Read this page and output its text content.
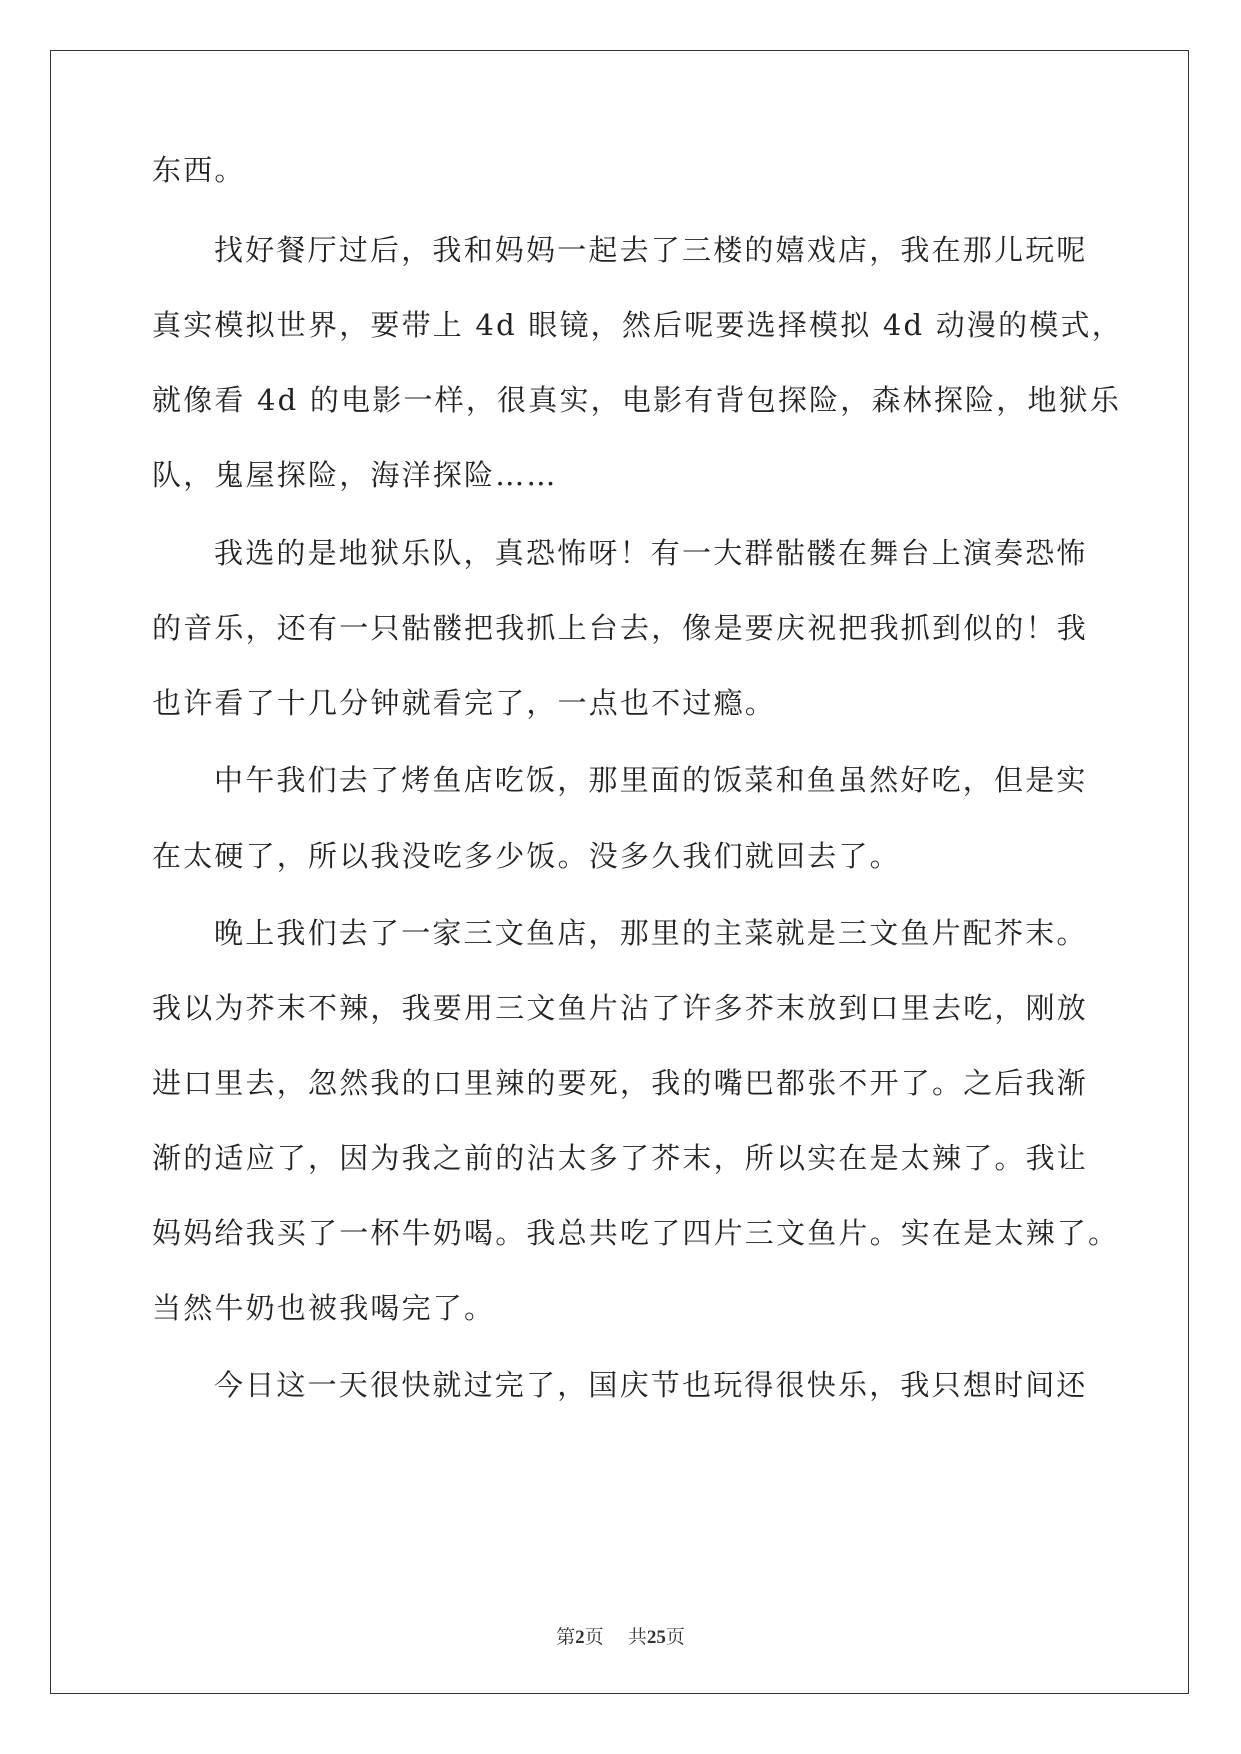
东西。
找好餐厅过后，我和妈妈一起去了三楼的嬉戏店，我在那儿玩呢
真实模拟世界，要带上 4d 眼镜，然后呢要选择模拟 4d 动漫的模式，
就像看 4d 的电影一样，很真实，电影有背包探险，森林探险，地狱乐
队，鬼屋探险，海洋探险……
我选的是地狱乐队，真恐怖呀！有一大群骷髅在舞台上演奏恐怖
的音乐，还有一只骷髅把我抓上台去，像是要庆祝把我抓到似的！我
也许看了十几分钟就看完了，一点也不过瘾。
中午我们去了烤鱼店吃饭，那里面的饭菜和鱼虽然好吃，但是实
在太硬了，所以我没吃多少饭。没多久我们就回去了。
晚上我们去了一家三文鱼店，那里的主菜就是三文鱼片配芥末。
我以为芥末不辣，我要用三文鱼片沾了许多芥末放到口里去吃，刚放
进口里去，忽然我的口里辣的要死，我的嘴巴都张不开了。之后我渐
渐的适应了，因为我之前的沾太多了芥末，所以实在是太辣了。我让
妈妈给我买了一杯牛奶喝。我总共吃了四片三文鱼片。实在是太辣了。
当然牛奶也被我喝完了。
今日这一天很快就过完了，国庆节也玩得很快乐，我只想时间还
第2页 共25页
